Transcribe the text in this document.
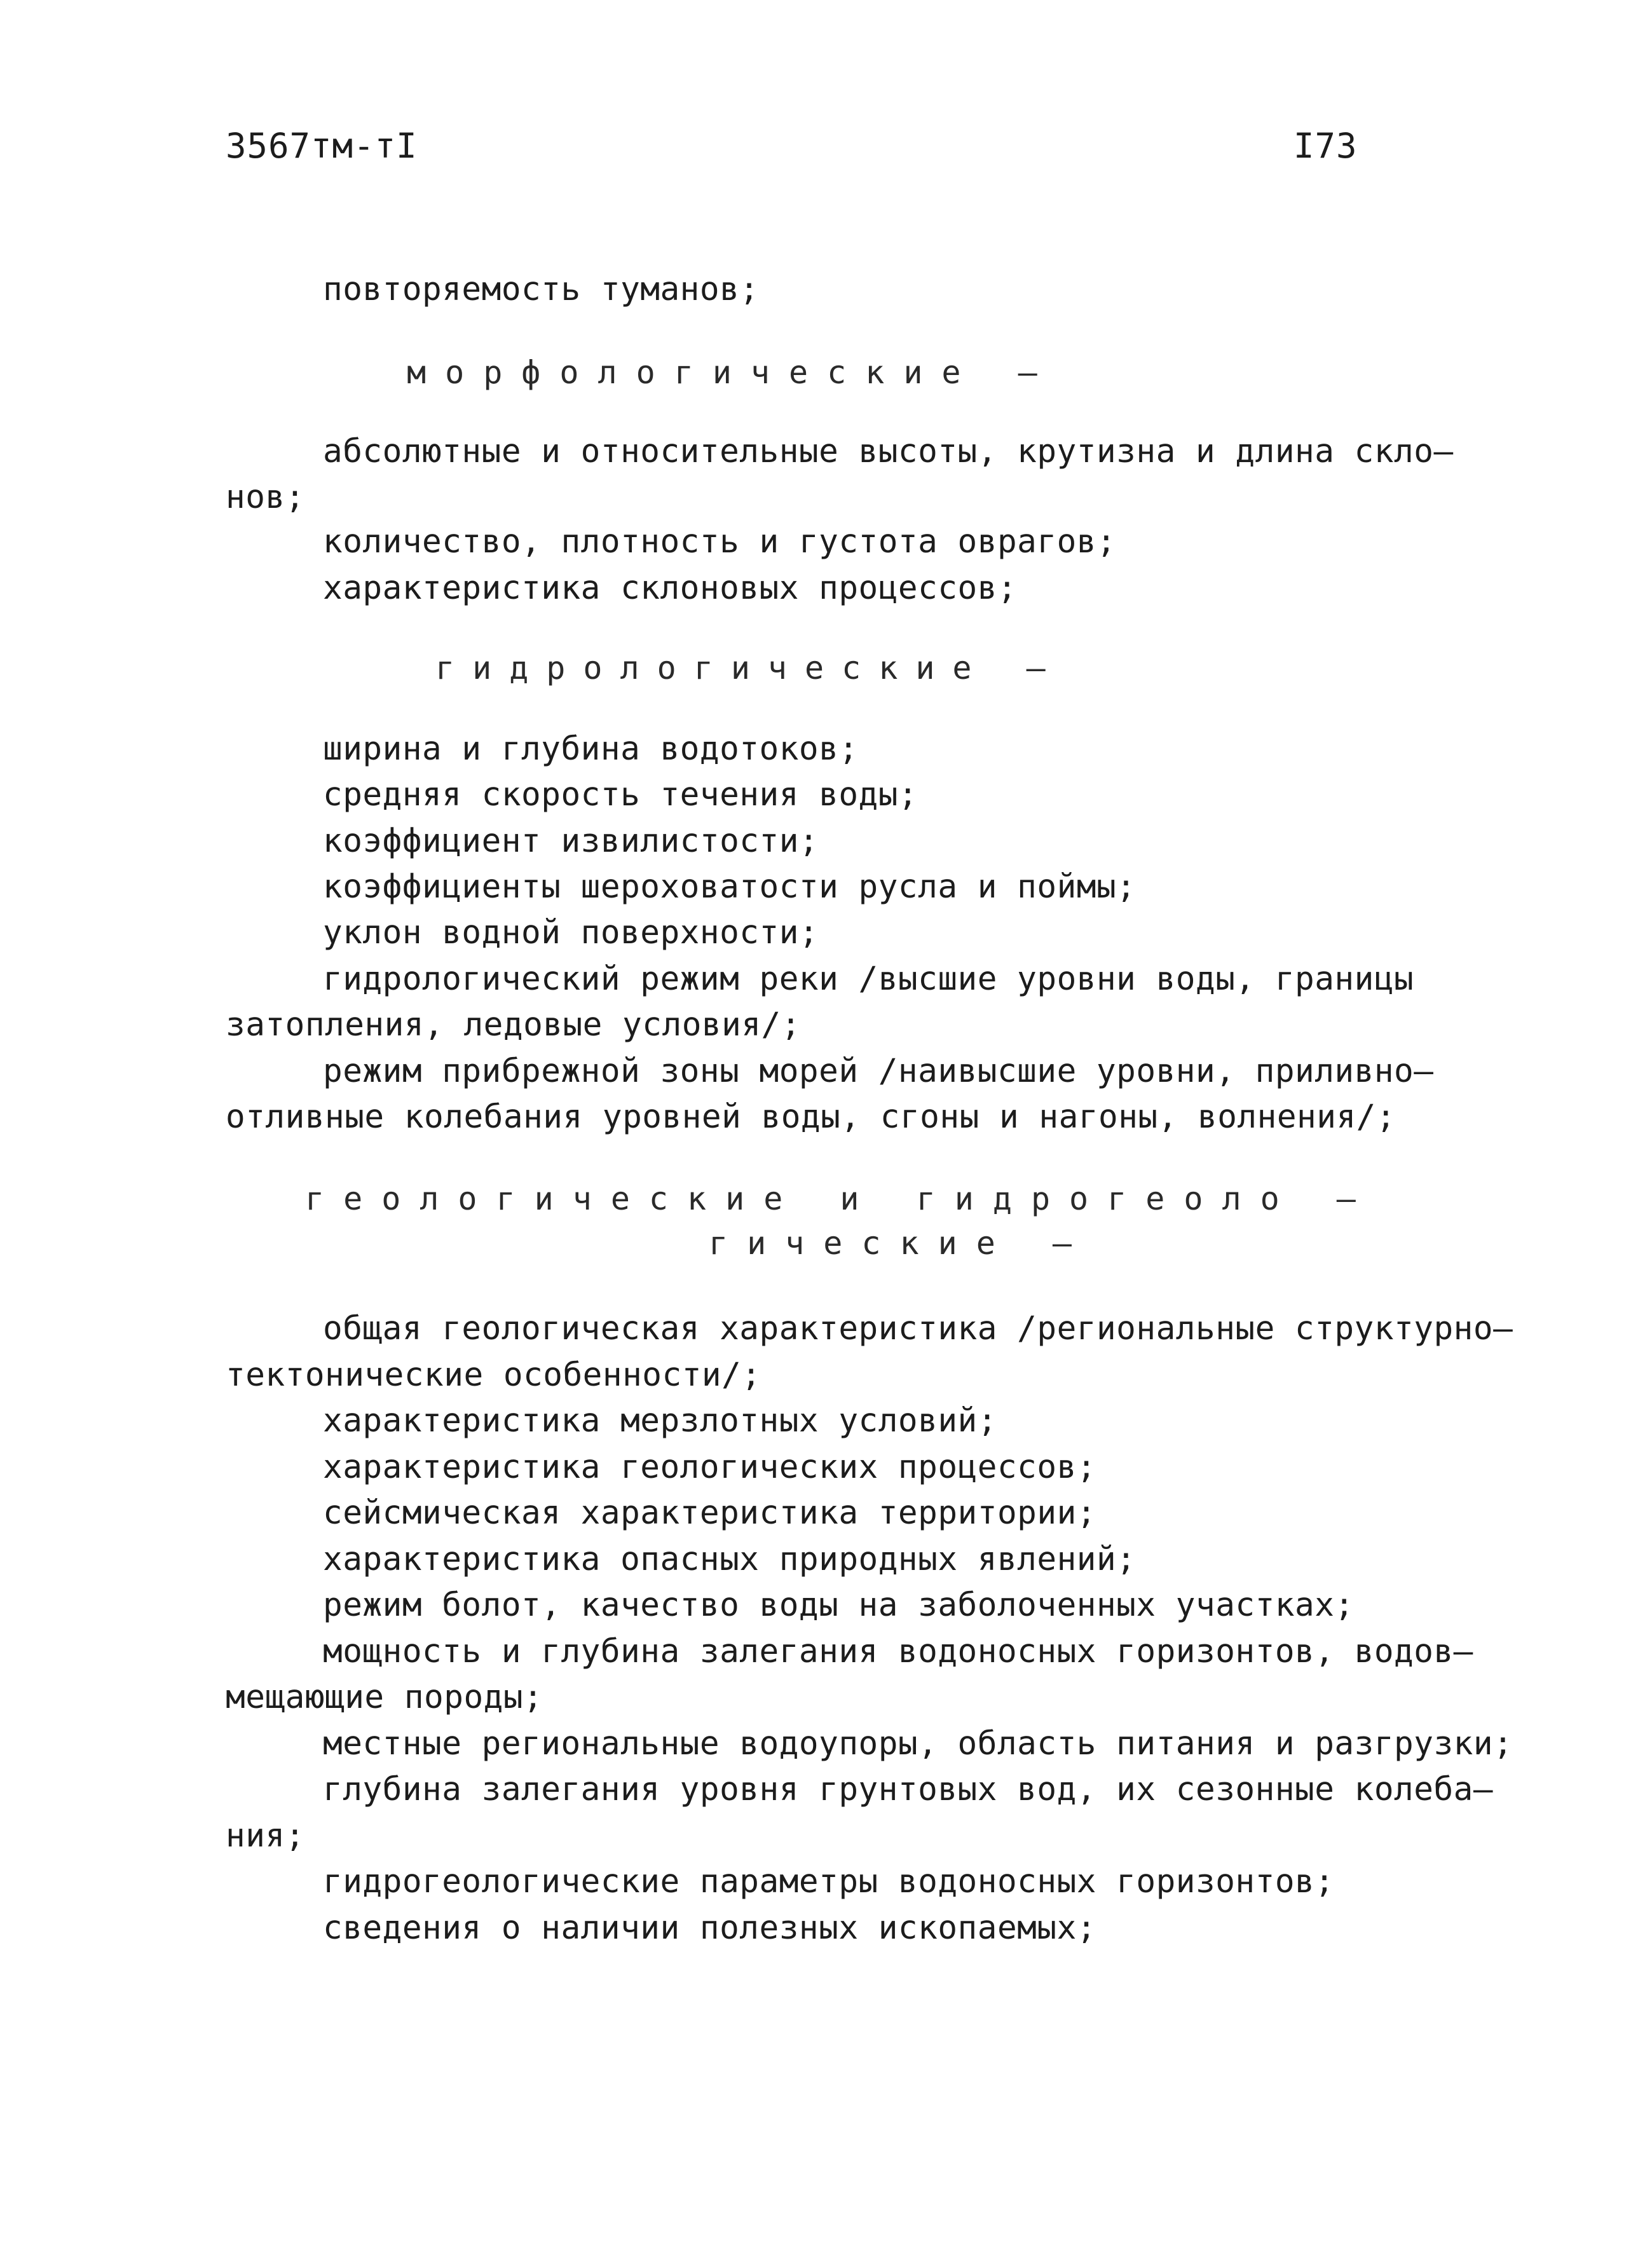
3567тм-тI	I73
повторяемость туманов;
морфологические –
абсолютные и относительные высоты, крутизна и длина скло–
нов;
количество, плотность и густота оврагов;
характеристика склоновых процессов;
гидрологические –
ширина и глубина водотоков;
средняя скорость течения воды;
коэффициент извилистости;
коэффициенты шероховатости русла и поймы;
уклон водной поверхности;
гидрологический режим реки /высшие уровни воды, границы
затопления, ледовые условия/;
режим прибрежной зоны морей /наивысшие уровни, приливно–
отливные колебания уровней воды, сгоны и нагоны, волнения/;
геологические и гидрогеоло –
гические –
общая геологическая характеристика /региональные структурно–
тектонические особенности/;
характеристика мерзлотных условий;
характеристика геологических процессов;
сейсмическая характеристика территории;
характеристика опасных природных явлений;
режим болот, качество воды на заболоченных участках;
мощность и глубина залегания водоносных горизонтов, водов–
мещающие породы;
местные региональные водоупоры, область питания и разгрузки;
глубина залегания уровня грунтовых вод, их сезонные колеба–
ния;
гидрогеологические параметры водоносных горизонтов;
сведения о наличии полезных ископаемых;
